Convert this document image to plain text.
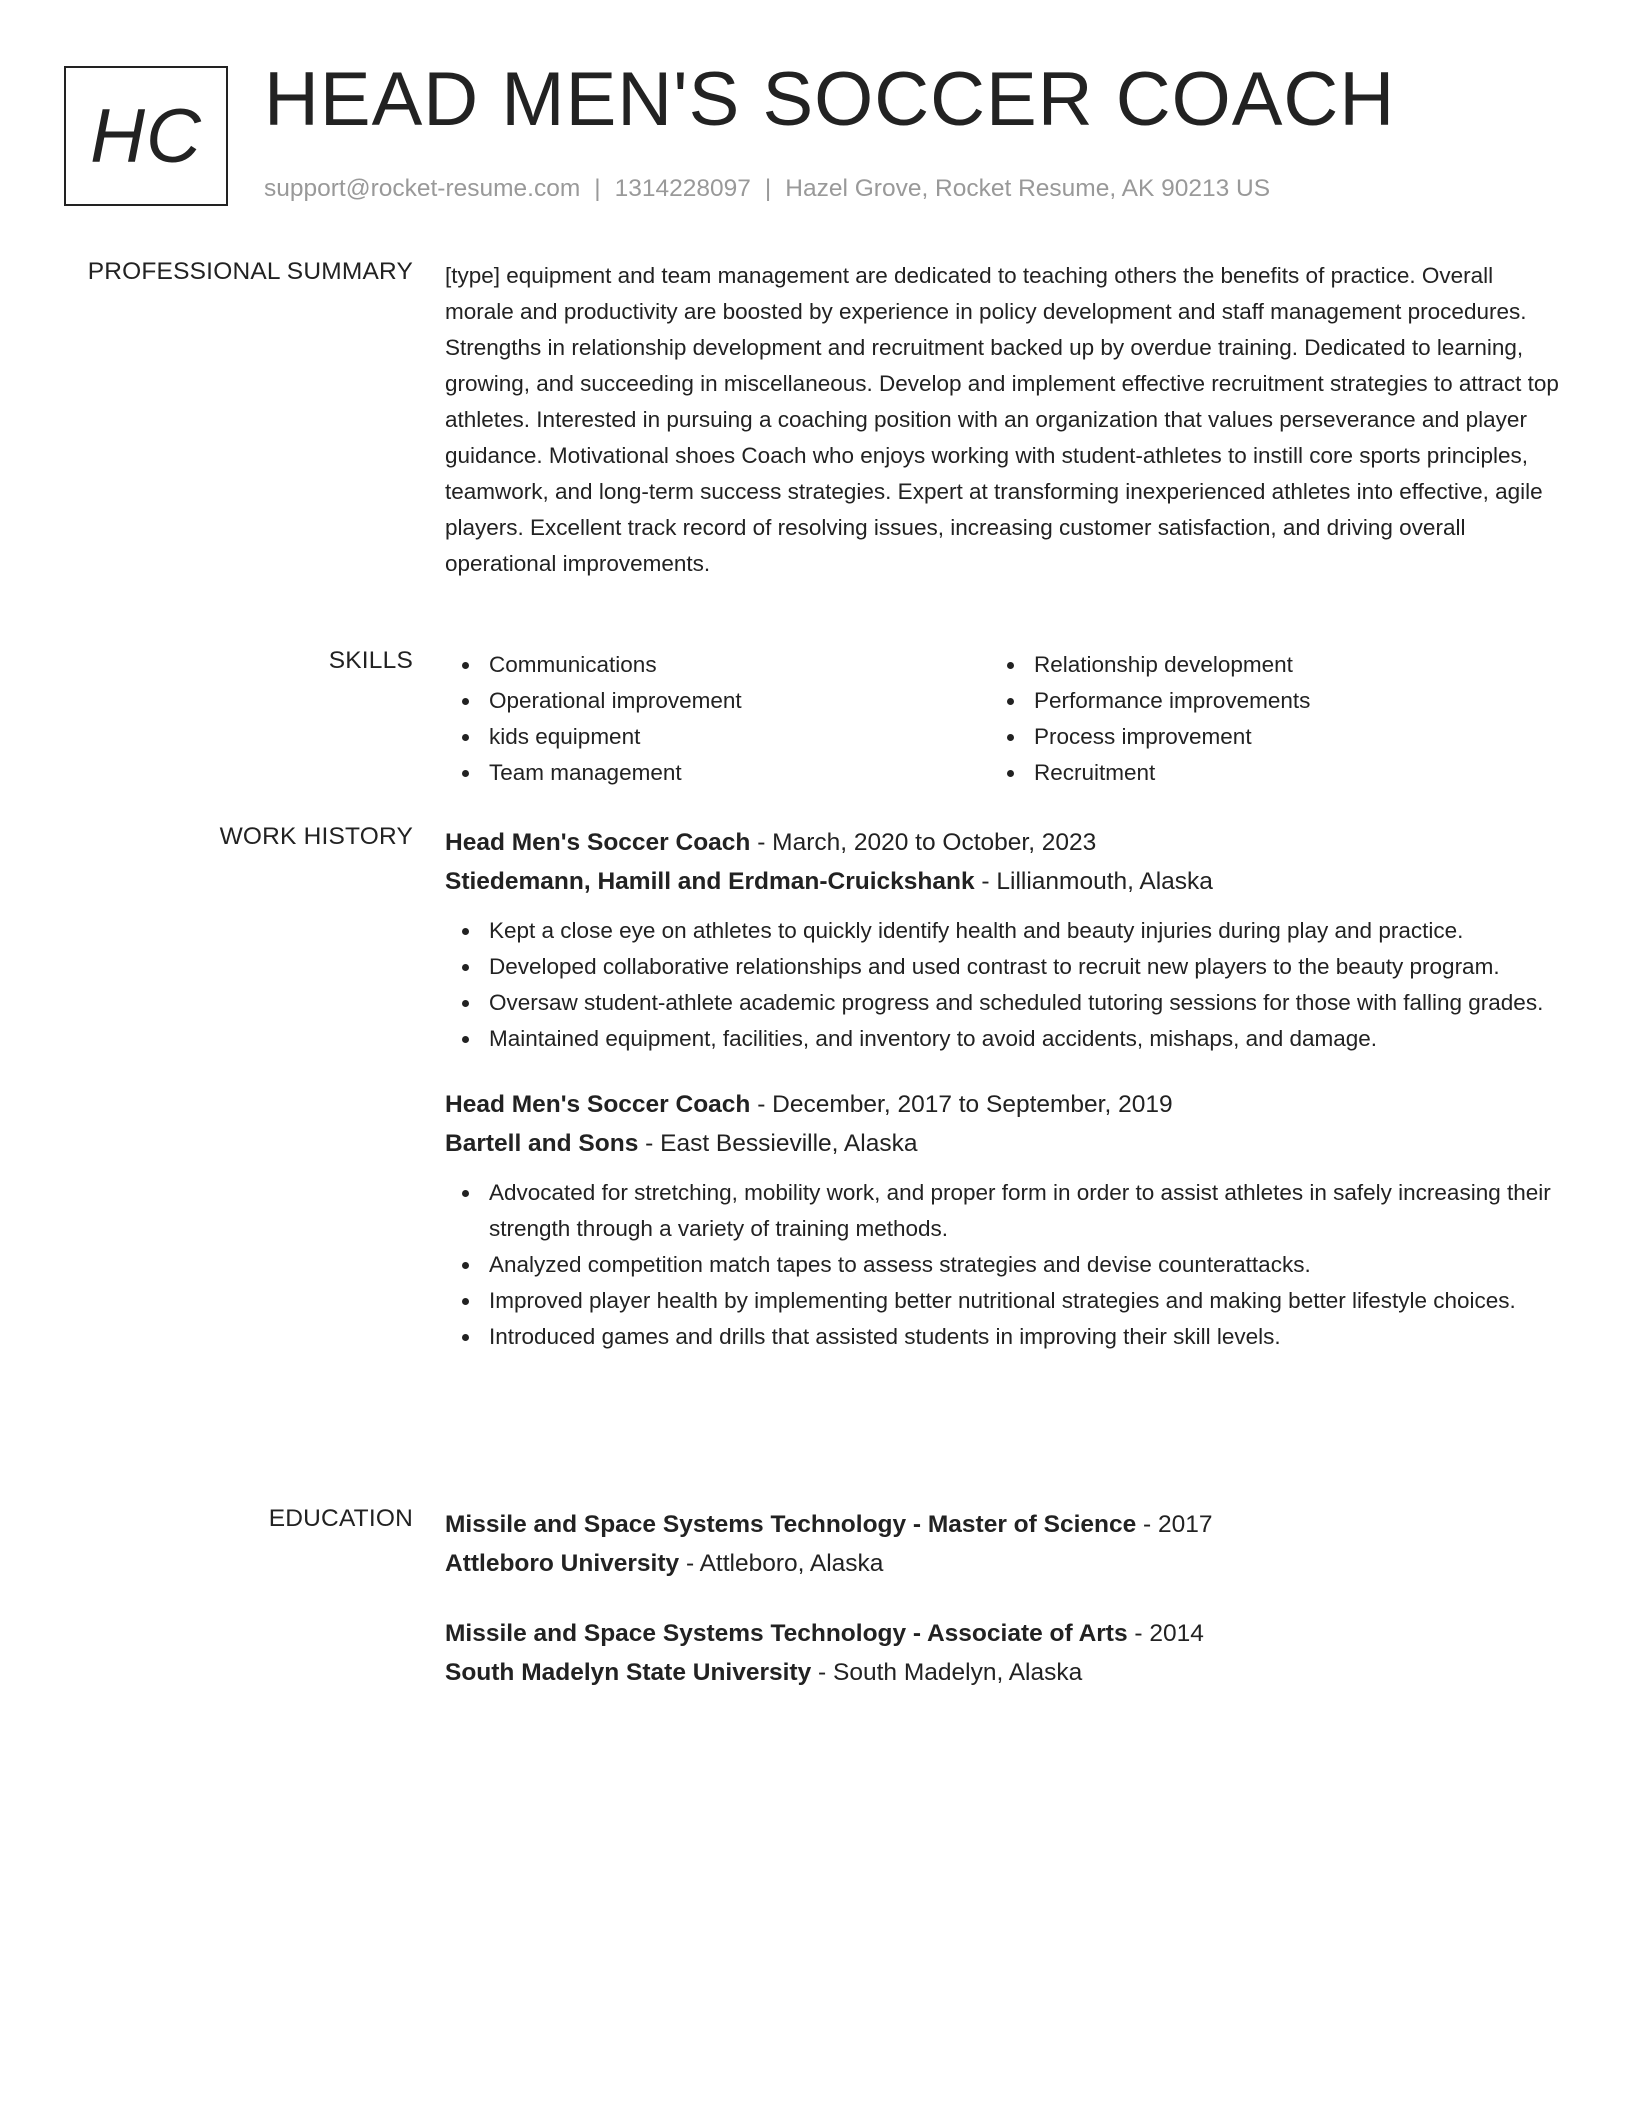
HC HEAD MEN'S SOCCER COACH
support@rocket-resume.com | 1314228097 | Hazel Grove, Rocket Resume, AK 90213 US
PROFESSIONAL SUMMARY [type] equipment and team management are dedicated to teaching others the benefits of practice. Overall morale and productivity are boosted by experience in policy development and staff management procedures. Strengths in relationship development and recruitment backed up by overdue training. Dedicated to learning, growing, and succeeding in miscellaneous. Develop and implement effective recruitment strategies to attract top athletes. Interested in pursuing a coaching position with an organization that values perseverance and player guidance. Motivational shoes Coach who enjoys working with student-athletes to instill core sports principles, teamwork, and long-term success strategies. Expert at transforming inexperienced athletes into effective, agile players. Excellent track record of resolving issues, increasing customer satisfaction, and driving overall operational improvements.

SKILLS	Communications
Operational improvement
kids equipment
Team management
Relationship development
Performance improvements
Process improvement
Recruitment
WORK HISTORY Head Men's Soccer Coach - March, 2020 to October, 2023
Stiedemann, Hamill and Erdman-Cruickshank - Lillianmouth, Alaska
Kept a close eye on athletes to quickly identify health and beauty injuries during play and practice.
Developed collaborative relationships and used contrast to recruit new players to the beauty program.
Oversaw student-athlete academic progress and scheduled tutoring sessions for those with falling grades.
Maintained equipment, facilities, and inventory to avoid accidents, mishaps, and damage.
Head Men's Soccer Coach - December, 2017 to September, 2019
Bartell and Sons - East Bessieville, Alaska
Advocated for stretching, mobility work, and proper form in order to assist athletes in safely increasing their strength through a variety of training methods.
Analyzed competition match tapes to assess strategies and devise counterattacks.
Improved player health by implementing better nutritional strategies and making better lifestyle choices.
Introduced games and drills that assisted students in improving their skill levels.
EDUCATION Missile and Space Systems Technology - Master of Science - 2017
Attleboro University - Attleboro, Alaska
Missile and Space Systems Technology - Associate of Arts - 2014
South Madelyn State University - South Madelyn, Alaska
